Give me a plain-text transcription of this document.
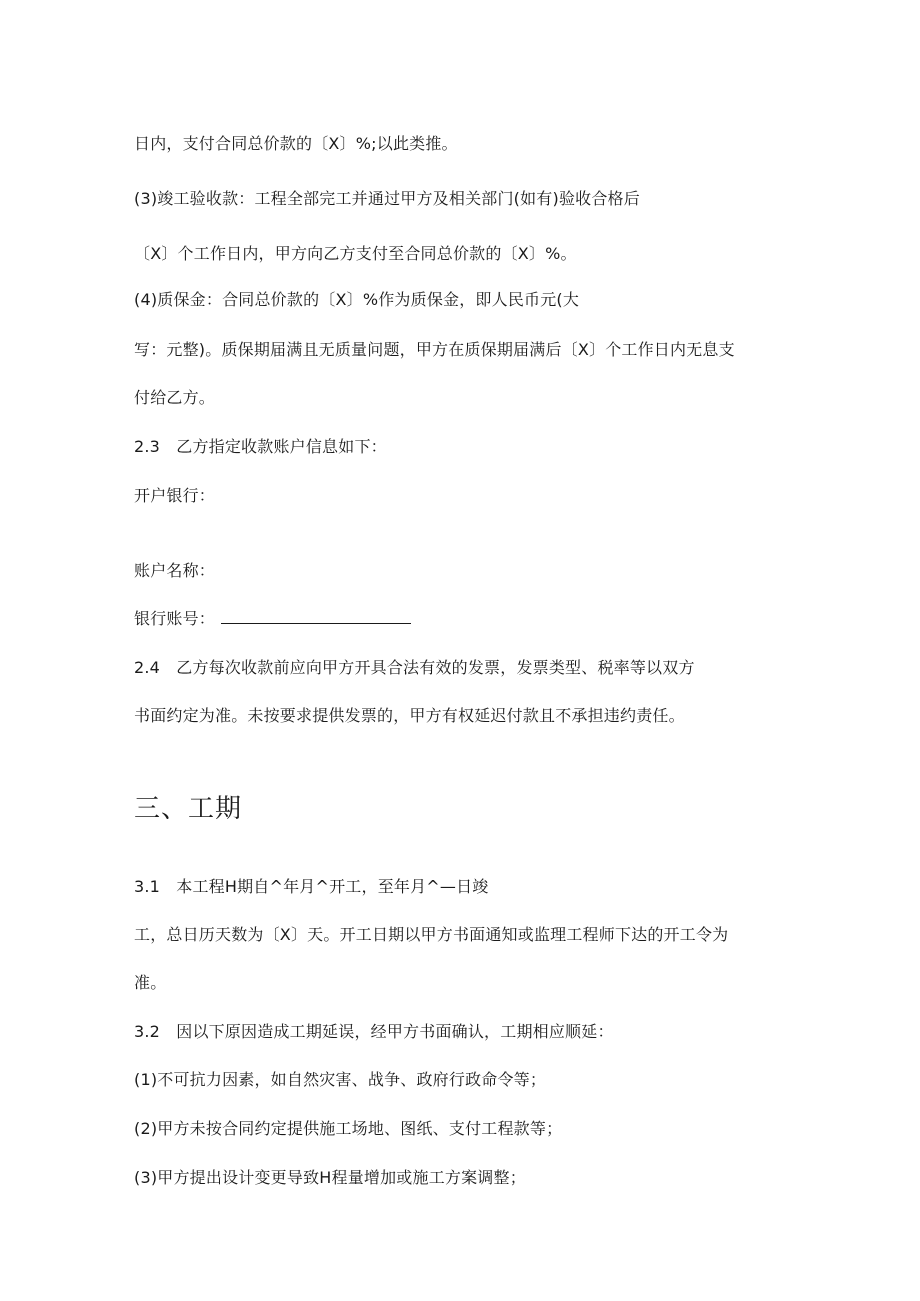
日内，支付合同总价款的〔X〕%;以此类推。
(3)竣工验收款：工程全部完工并通过甲方及相关部门(如有)验收合格后
〔X〕个工作日内，甲方向乙方支付至合同总价款的〔X〕%。
(4)质保金：合同总价款的〔X〕%作为质保金，即人民币元(大
写：元整)。质保期届满且无质量问题，甲方在质保期届满后〔X〕个工作日内无息支
付给乙方。
2.3　乙方指定收款账户信息如下：
开户银行：
账户名称：
银行账号：
2.4　乙方每次收款前应向甲方开具合法有效的发票，发票类型、税率等以双方
书面约定为准。未按要求提供发票的，甲方有权延迟付款且不承担违约责任。
三、工期
3.1　本工程H期自^年月^开工，至年月^—日竣
工，总日历天数为〔X〕天。开工日期以甲方书面通知或监理工程师下达的开工令为
准。
3.2　因以下原因造成工期延误，经甲方书面确认，工期相应顺延：
(1)不可抗力因素，如自然灾害、战争、政府行政命令等；
(2)甲方未按合同约定提供施工场地、图纸、支付工程款等；
(3)甲方提出设计变更导致H程量增加或施工方案调整；
